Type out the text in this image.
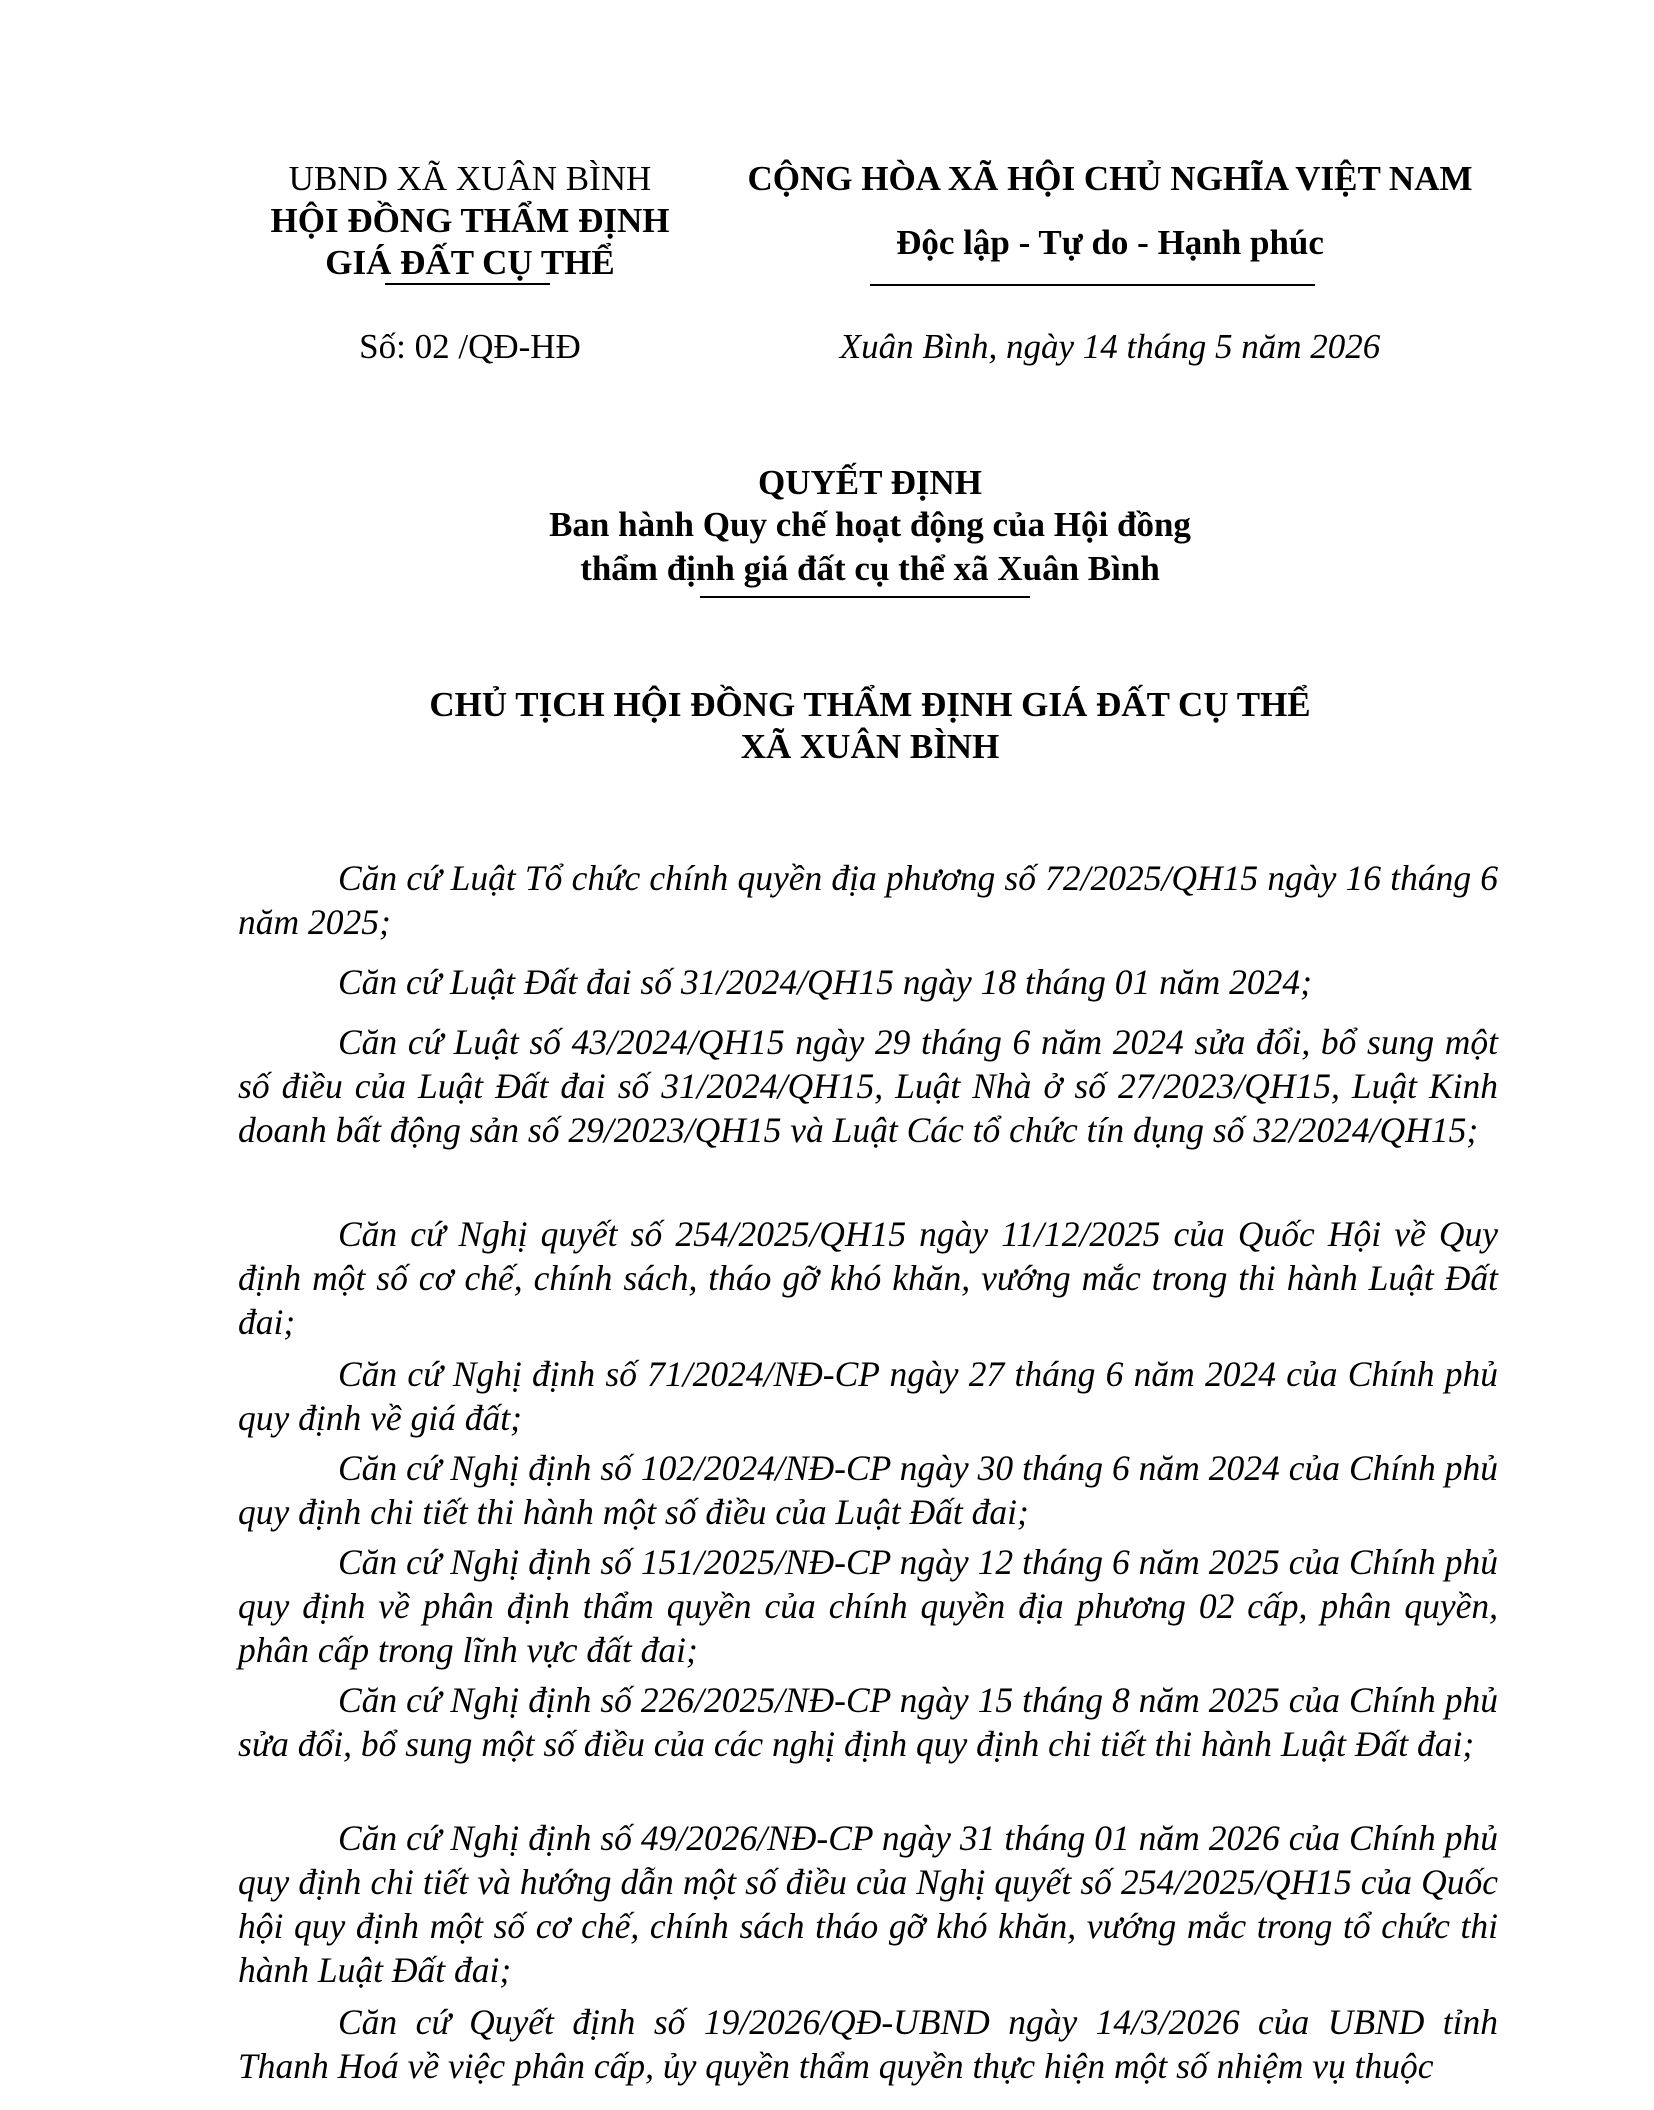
UBND XÃ XUÂN BÌNH
HỘI ĐỒNG THẨM ĐỊNH
GIÁ ĐẤT CỤ THỂ
Số: 02 /QĐ-HĐ
CỘNG HÒA XÃ HỘI CHỦ NGHĨA VIỆT NAM
Độc lập - Tự do - Hạnh phúc
Xuân Bình, ngày 14 tháng 5 năm 2026
QUYẾT ĐỊNH
Ban hành Quy chế hoạt động của Hội đồng
thẩm định giá đất cụ thể xã Xuân Bình
CHỦ TỊCH HỘI ĐỒNG THẨM ĐỊNH GIÁ ĐẤT CỤ THỂ
XÃ XUÂN BÌNH
Căn cứ Luật Tổ chức chính quyền địa phương số 72/2025/QH15 ngày 16 tháng 6 năm 2025;
Căn cứ Luật Đất đai số 31/2024/QH15 ngày 18 tháng 01 năm 2024;
Căn cứ Luật số 43/2024/QH15 ngày 29 tháng 6 năm 2024 sửa đổi, bổ sung một số điều của Luật Đất đai số 31/2024/QH15, Luật Nhà ở số 27/2023/QH15, Luật Kinh doanh bất động sản số 29/2023/QH15 và Luật Các tổ chức tín dụng số 32/2024/QH15;
Căn cứ Nghị quyết số 254/2025/QH15 ngày 11/12/2025 của Quốc Hội về Quy định một số cơ chế, chính sách, tháo gỡ khó khăn, vướng mắc trong thi hành Luật Đất đai;
Căn cứ Nghị định số 71/2024/NĐ-CP ngày 27 tháng 6 năm 2024 của Chính phủ quy định về giá đất;
Căn cứ Nghị định số 102/2024/NĐ-CP ngày 30 tháng 6 năm 2024 của Chính phủ quy định chi tiết thi hành một số điều của Luật Đất đai;
Căn cứ Nghị định số 151/2025/NĐ-CP ngày 12 tháng 6 năm 2025 của Chính phủ quy định về phân định thẩm quyền của chính quyền địa phương 02 cấp, phân quyền, phân cấp trong lĩnh vực đất đai;
Căn cứ Nghị định số 226/2025/NĐ-CP ngày 15 tháng 8 năm 2025 của Chính phủ sửa đổi, bổ sung một số điều của các nghị định quy định chi tiết thi hành Luật Đất đai;
Căn cứ Nghị định số 49/2026/NĐ-CP ngày 31 tháng 01 năm 2026 của Chính phủ quy định chi tiết và hướng dẫn một số điều của Nghị quyết số 254/2025/QH15 của Quốc hội quy định một số cơ chế, chính sách tháo gỡ khó khăn, vướng mắc trong tổ chức thi hành Luật Đất đai;
Căn cứ Quyết định số 19/2026/QĐ-UBND ngày 14/3/2026 của UBND tỉnh Thanh Hoá về việc phân cấp, ủy quyền thẩm quyền thực hiện một số nhiệm vụ thuộc
